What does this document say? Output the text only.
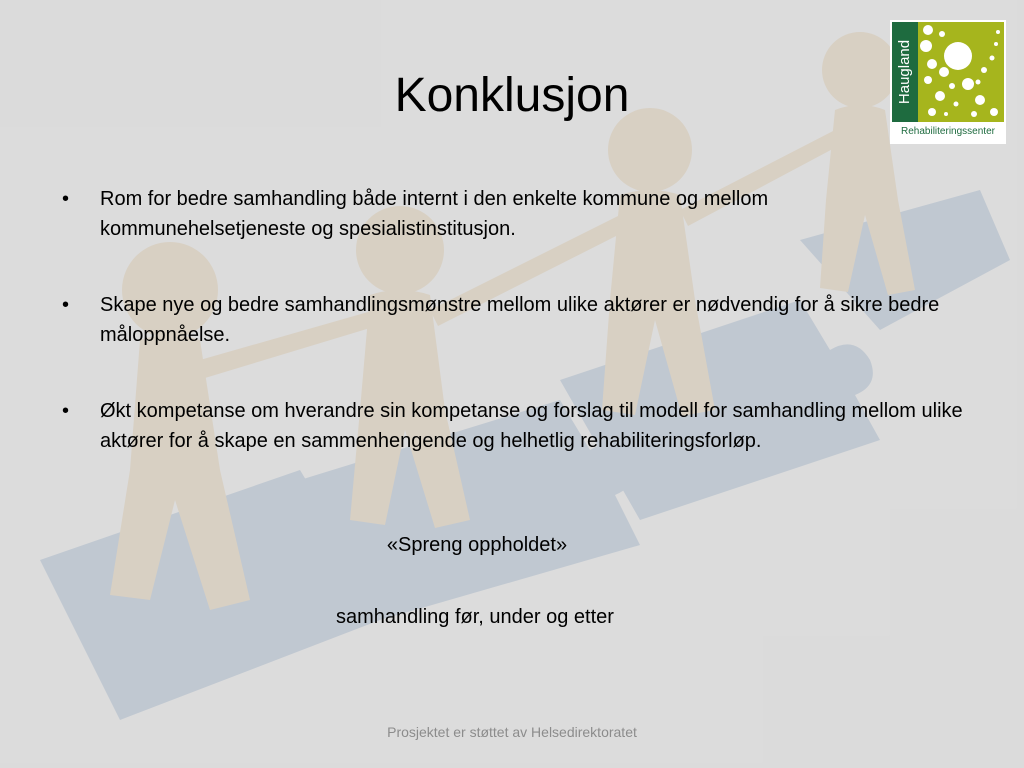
Konklusjon	Haugland
Rehabiliteringssenter
• Rom for bedre samhandling både internt i den enkelte kommune og mellom kommunehelsetjeneste og spesialistinstitusjon.
• Skape nye og bedre samhandlingsmønstre mellom ulike aktører er nødvendig for å sikre bedre måloppnåelse.
• Økt kompetanse om hverandre sin kompetanse og forslag til modell for samhandling mellom ulike aktører for å skape en sammenhengende og helhetlig rehabiliteringsforløp.
«Spreng oppholdet»
samhandling før, under og etter
Prosjektet er støttet av Helsedirektoratet
